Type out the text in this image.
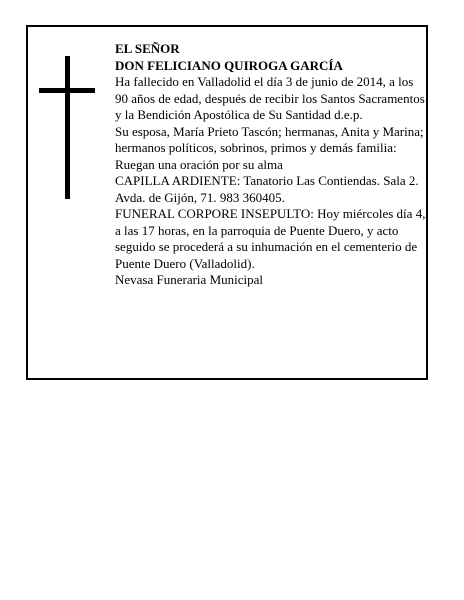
EL SEÑOR

DON FELICIANO QUIROGA GARCÍA

Ha fallecido en Valladolid el día 3 de junio de 2014, a los 90 años de edad, después de recibir los Santos Sacramentos y la Bendición Apostólica de Su Santidad d.e.p.

Su esposa, María Prieto Tascón; hermanas, Anita y Marina; hermanos políticos, sobrinos, primos y demás familia:

Ruegan una oración por su alma

CAPILLA ARDIENTE: Tanatorio Las Contiendas. Sala 2. Avda. de Gijón, 71. 983 360405.

FUNERAL CORPORE INSEPULTO: Hoy miércoles día 4, a las 17 horas, en la parroquia de Puente Duero, y acto seguido se procederá a su inhumación en el cementerio de Puente Duero (Valladolid).

Nevasa Funeraria Municipal
